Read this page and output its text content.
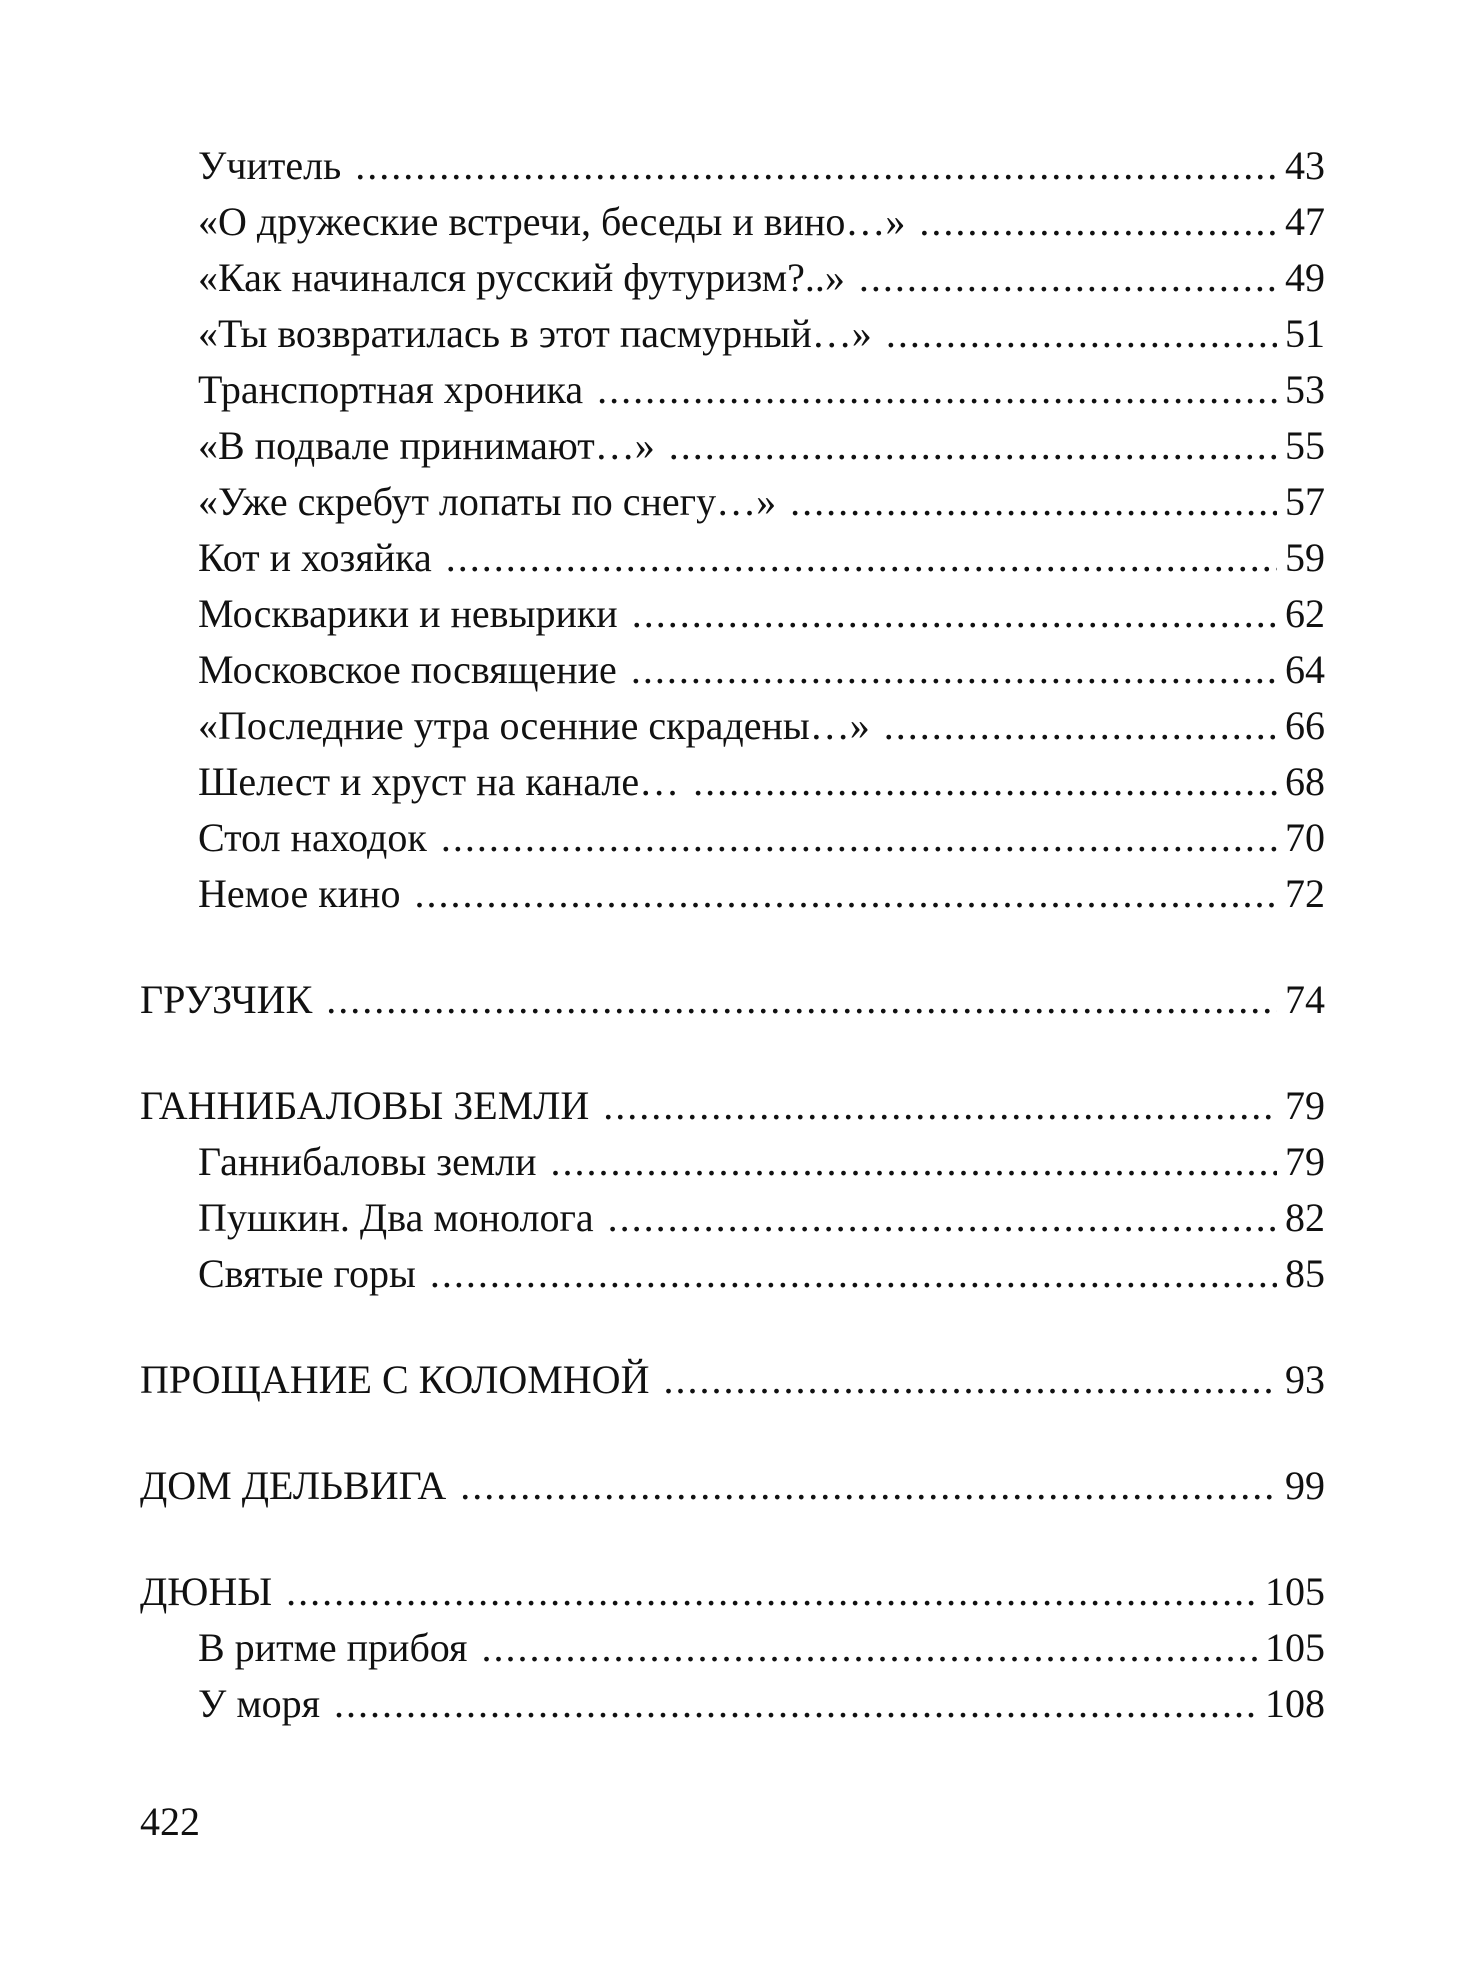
Учитель .....	43
«О дружеские встречи, беседы и вино…» .....	47
«Как начинался русский футуризм?..» .....	49
«Ты возвратилась в этот пасмурный…» .....	51
Транспортная хроника .....	53
«В подвале принимают…» .....	55
«Уже скребут лопаты по снегу…» .....	57
Кот и хозяйка .....	59
Москварики и невырики .....	62
Московское посвящение .....	64
«Последние утра осенние скрадены…» .....	66
Шелест и хруст на канале… .....	68
Стол находок .....	70
Немое кино .....	72
ГРУЗЧИК .....	74
ГАННИБАЛОВЫ ЗЕМЛИ .....	79
Ганнибаловы земли .....	79
Пушкин. Два монолога .....	82
Святые горы .....	85
ПРОЩАНИЕ С КОЛОМНОЙ .....	93
ДОМ ДЕЛЬВИГА .....	99
ДЮНЫ .....	105
В ритме прибоя .....	105
У моря .....	108
422
